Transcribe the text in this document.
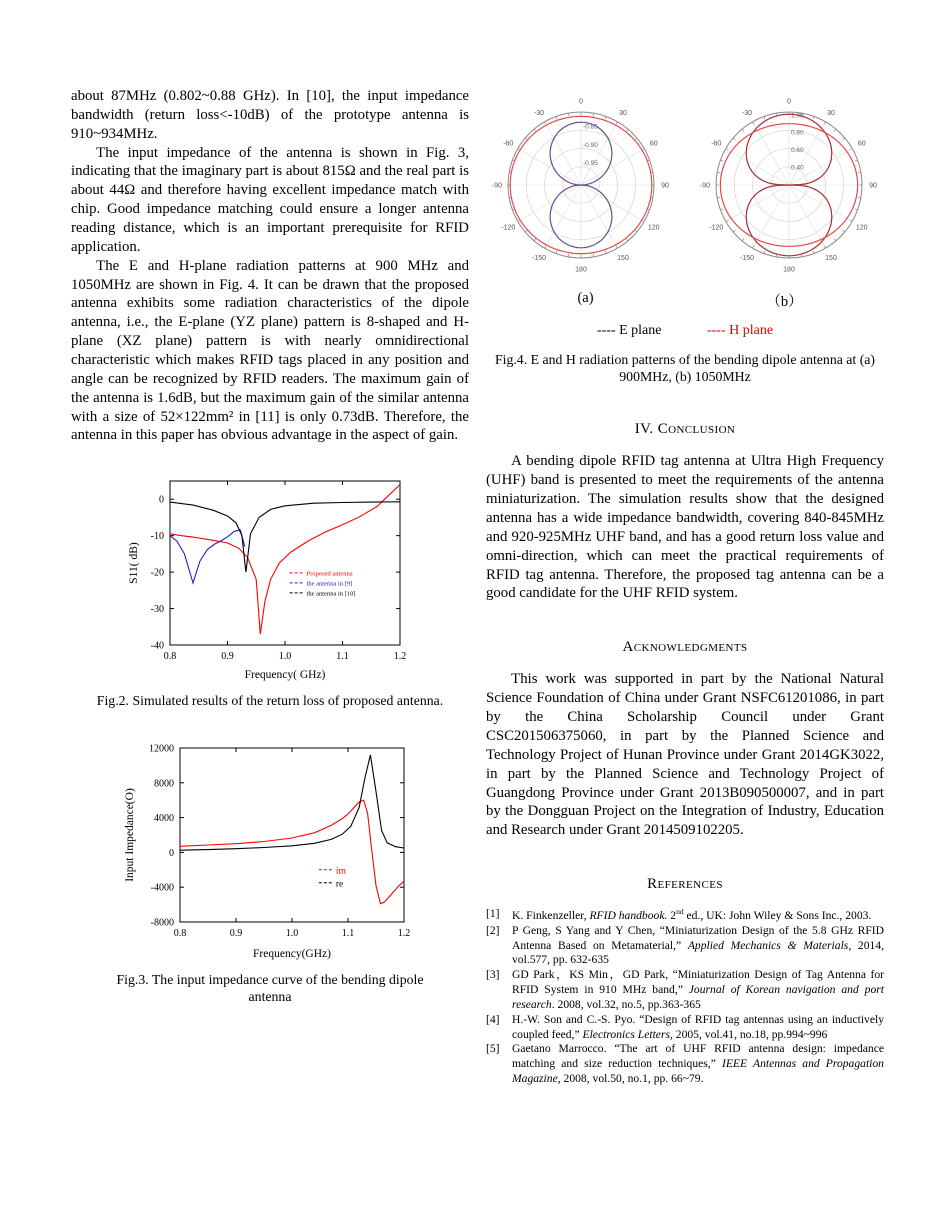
about 87MHz (0.802~0.88 GHz). In [10], the input impedance bandwidth (return loss<-10dB) of the prototype antenna is 910~934MHz.

The input impedance of the antenna is shown in Fig. 3, indicating that the imaginary part is about 815Ω and the real part is about 44Ω and therefore having excellent impedance match with chip. Good impedance matching could ensure a longer antenna reading distance, which is an important prerequisite for RFID application.

The E and H-plane radiation patterns at 900 MHz and 1050MHz are shown in Fig. 4. It can be drawn that the proposed antenna exhibits some radiation characteristics of the dipole antenna, i.e., the E-plane (YZ plane) pattern is 8-shaped and H-plane (XZ plane) pattern is with nearly omnidirectional characteristic which makes RFID tags placed in any position and angle can be recognized by RFID readers. The maximum gain of the antenna is 1.6dB, but the maximum gain of the similar antenna with a size of 52×122mm² in [11] is only 0.73dB. Therefore, the antenna in this paper has obvious advantage in the aspect of gain.

0.8	0.9	1.0	1.1	1.2
0
-10
-20
-30
-40
Proposed antenna
the antenna in [9]
the antenna in [10]
Frequency( GHz)
S11( dB)
Fig.2. Simulated results of the return loss of proposed antenna.
0.8	0.9	1.0	1.1	1.2
-8000
-4000
0
4000
8000
12000
im
re
Frequency(GHz)
Input Impedance(O)
Fig.3. The input impedance curve of the bending dipole antenna
0
30
60
90
120
150
180
-150
-120
-90
-60
-30
-0.85
-0.90
-0.95
0
30
60
90
120
150
180
-150
-120
-90
-60
-30	1.00
0.80
0.60
0.40
(a)	（b）
---- E plane	---- H plane
Fig.4. E and H radiation patterns of the bending dipole antenna at (a) 900MHz, (b) 1050MHz
IV. Conclusion

A bending dipole RFID tag antenna at Ultra High Frequency (UHF) band is presented to meet the requirements of the antenna miniaturization. The simulation results show that the designed antenna has a wide impedance bandwidth, covering 840-845MHz and 920-925MHz UHF band, and has a good return loss value and omni-direction, which can meet the practical requirements of RFID tag antenna. Therefore, the proposed tag antenna can be a good candidate for the UHF RFID system.

Acknowledgments

This work was supported in part by the National Natural Science Foundation of China under Grant NSFC61201086, in part by the China Scholarship Council under Grant CSC201506375060, in part by the Planned Science and Technology Project of Hunan Province under Grant 2014GK3022, in part by the Planned Science and Technology Project of Guangdong Province under Grant 2013B090500007, and in part by the Dongguan Project on the Integration of Industry, Education and Research under Grant 2014509102205.

References
[1]	K. Finkenzeller, RFID handbook. 2nd ed., UK: John Wiley & Sons Inc., 2003.
[2]	P Geng, S Yang and Y Chen, “Miniaturization Design of the 5.8 GHz RFID Antenna Based on Metamaterial,” Applied Mechanics & Materials, 2014, vol.577, pp. 632-635
[3]	GD Park，KS Min，GD Park, “Miniaturization Design of Tag Antenna for RFID System in 910 MHz band,” Journal of Korean navigation and port research. 2008, vol.32, no.5, pp.363-365
[4]	H.-W. Son and C.-S. Pyo. “Design of RFID tag antennas using an inductively coupled feed,” Electronics Letters, 2005, vol.41, no.18, pp.994~996
[5]	Gaetano Marrocco. “The art of UHF RFID antenna design: impedance matching and size reduction techniques,” IEEE Antennas and Propagation Magazine, 2008, vol.50, no.1, pp. 66~79.
